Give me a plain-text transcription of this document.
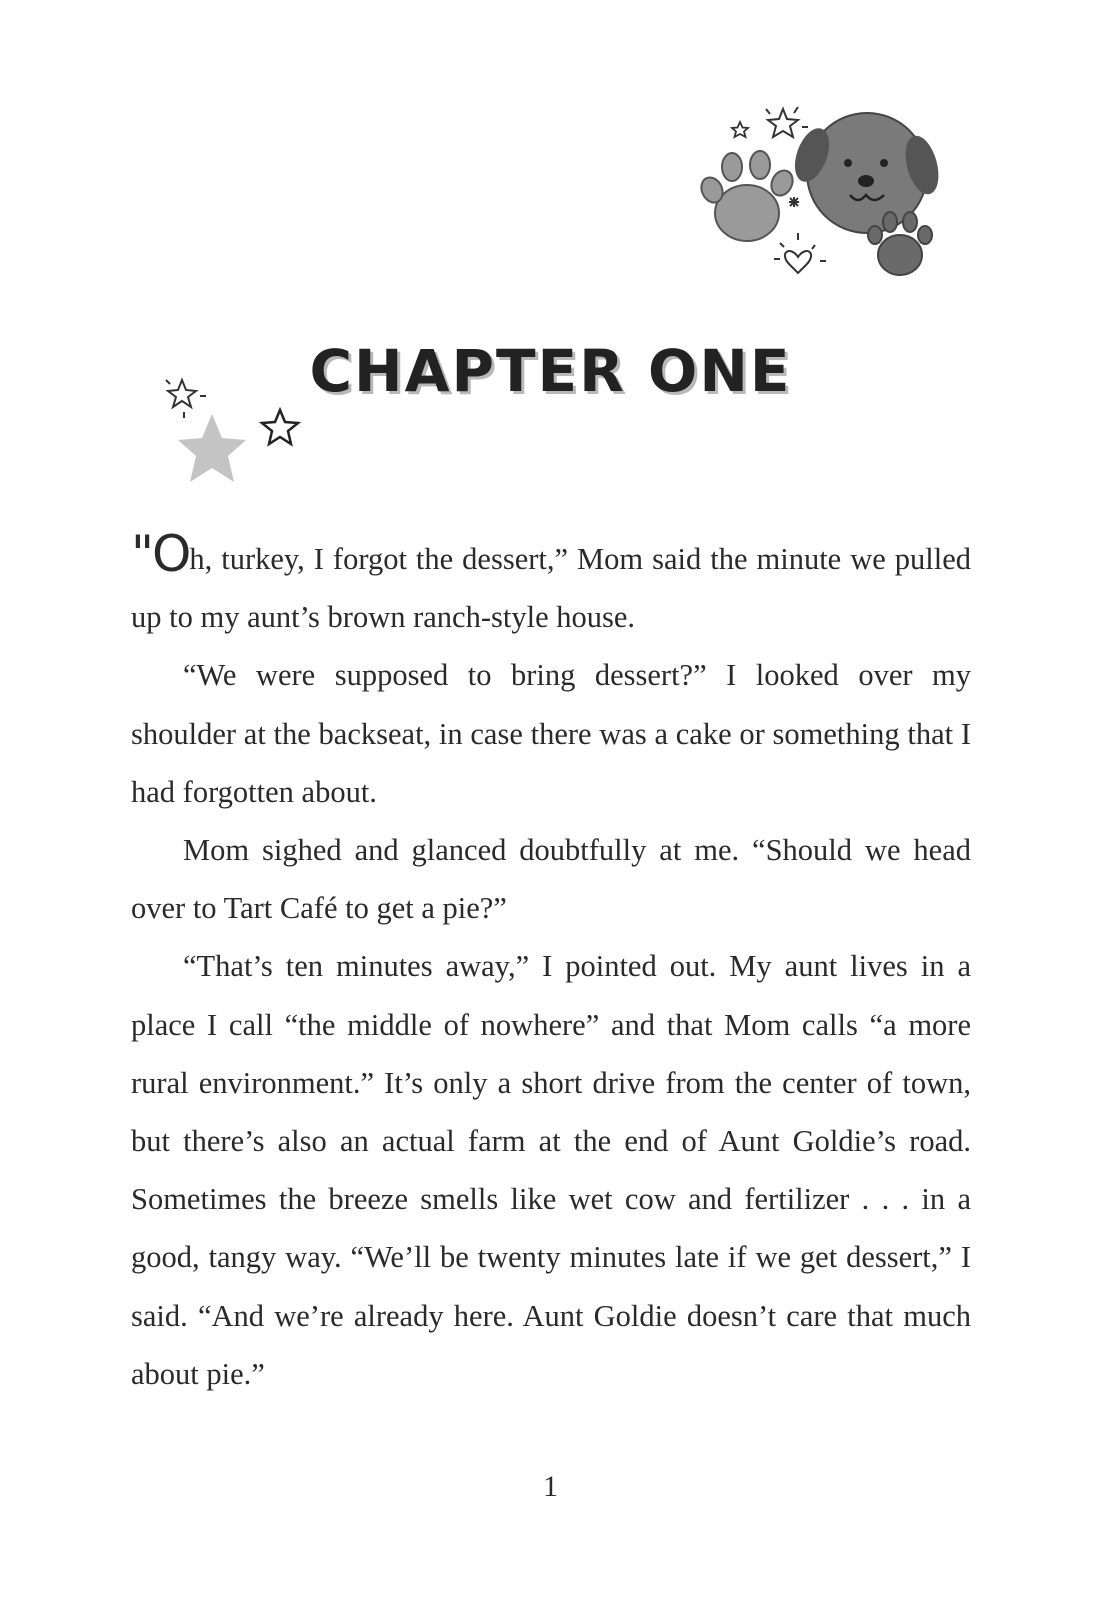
CHAPTER ONE

"Oh, turkey, I forgot the dessert,” Mom said the minute we pulled up to my aunt’s brown ranch-style house.

“We were supposed to bring dessert?” I looked over my shoulder at the backseat, in case there was a cake or something that I had forgotten about.

Mom sighed and glanced doubtfully at me. “Should we head over to Tart Café to get a pie?”

“That’s ten minutes away,” I pointed out. My aunt lives in a place I call “the middle of nowhere” and that Mom calls “a more rural environment.” It’s only a short drive from the center of town, but there’s also an actual farm at the end of Aunt Goldie’s road. Sometimes the breeze smells like wet cow and fertilizer . . . in a good, tangy way. “We’ll be twenty minutes late if we get dessert,” I said. “And we’re already here. Aunt Goldie doesn’t care that much about pie.”

1
